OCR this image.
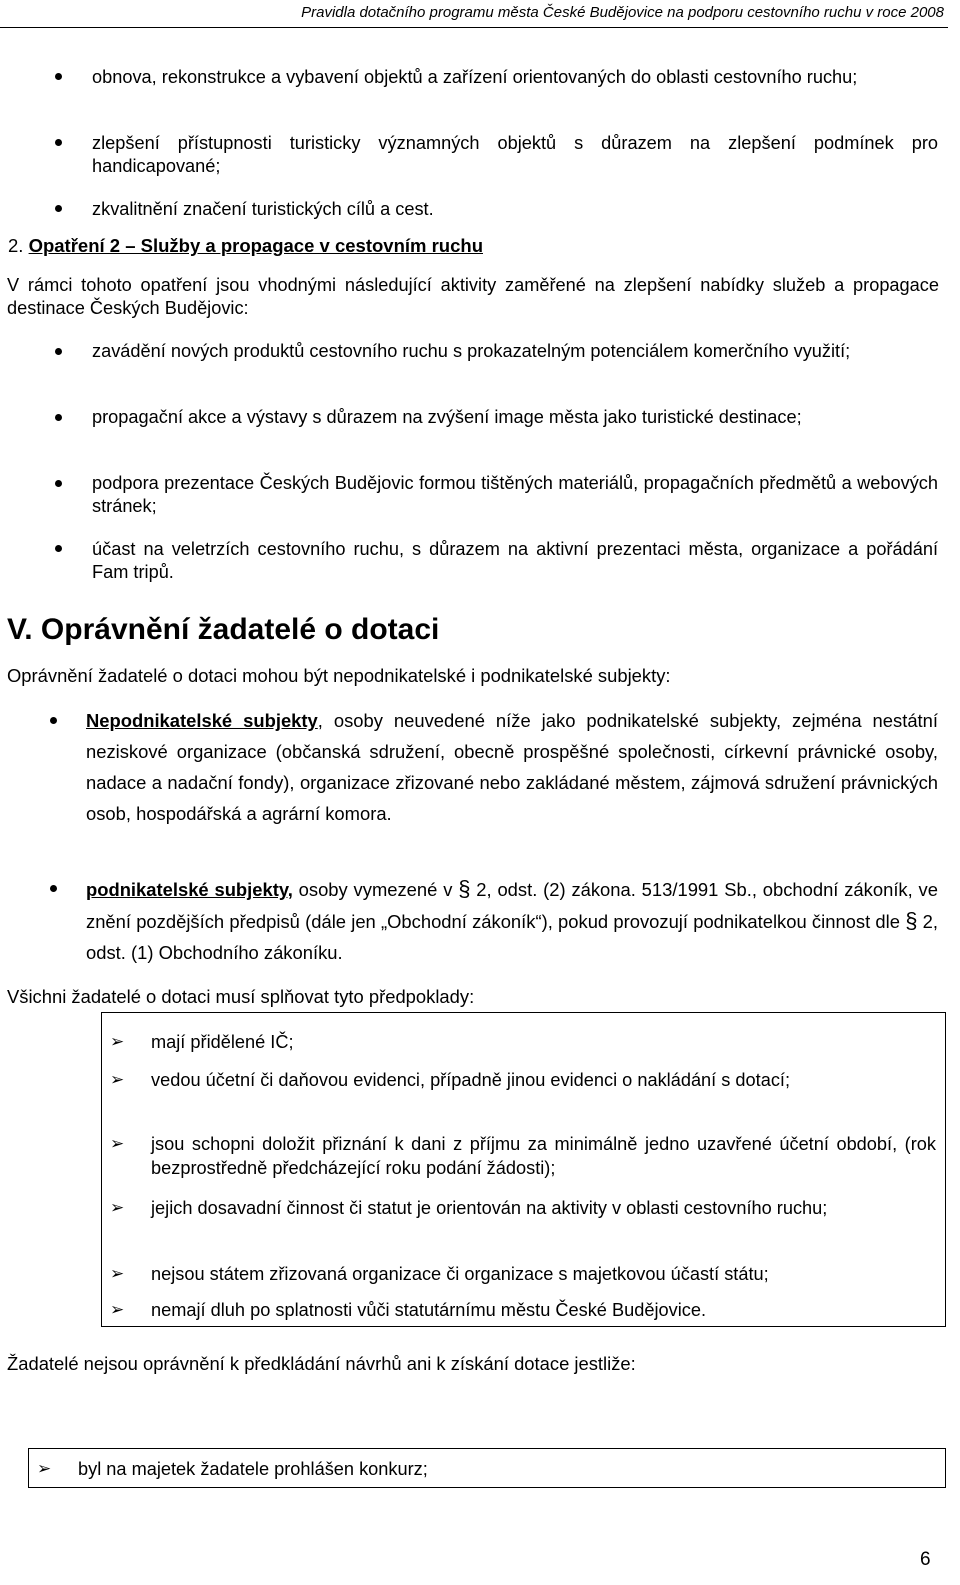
Pravidla dotačního programu města České Budějovice na podporu cestovního ruchu v roce 2008
obnova, rekonstrukce a vybavení objektů a zařízení orientovaných do oblasti cestovního ruchu;
zlepšení přístupnosti turisticky významných objektů s důrazem na zlepšení podmínek pro handicapované;
zkvalitnění značení turistických cílů a cest.
2. Opatření 2 – Služby a propagace v cestovním ruchu
V rámci tohoto opatření jsou vhodnými následující aktivity zaměřené na zlepšení nabídky služeb a propagace destinace Českých Budějovic:
zavádění nových produktů cestovního ruchu s prokazatelným potenciálem komerčního využití;
propagační akce a výstavy s důrazem na zvýšení image města jako turistické destinace;
podpora prezentace Českých Budějovic formou tištěných materiálů, propagačních předmětů a webových stránek;
účast na veletrzích cestovního ruchu, s důrazem na aktivní prezentaci města, organizace a pořádání Fam tripů.
V. Oprávnění žadatelé o dotaci
Oprávnění žadatelé o dotaci mohou být nepodnikatelské i podnikatelské subjekty:
Nepodnikatelské subjekty, osoby neuvedené níže jako podnikatelské subjekty, zejména nestátní neziskové organizace (občanská sdružení, obecně prospěšné společnosti, církevní právnické osoby, nadace a nadační fondy), organizace zřizované nebo zakládané městem, zájmová sdružení právnických osob, hospodářská a agrární komora.
podnikatelské subjekty, osoby vymezené v § 2, odst. (2) zákona. 513/1991 Sb., obchodní zákoník, ve znění pozdějších předpisů (dále jen „Obchodní zákoník“), pokud provozují podnikatelkou činnost dle § 2, odst. (1) Obchodního zákoníku.
Všichni žadatelé o dotaci musí splňovat tyto předpoklady:
➢ mají přidělené IČ;
➢ vedou účetní či daňovou evidenci, případně jinou evidenci o nakládání s dotací;
➢ jsou schopni doložit přiznání k dani z příjmu za minimálně jedno uzavřené účetní období, (rok bezprostředně předcházející roku podání žádosti);
➢ jejich dosavadní činnost či statut je orientován na aktivity v oblasti cestovního ruchu;
➢ nejsou státem zřizovaná organizace či organizace s majetkovou účastí státu;
➢ nemají dluh po splatnosti vůči statutárnímu městu České Budějovice.
Žadatelé nejsou oprávnění k předkládání návrhů ani k získání dotace jestliže:
➢ byl na majetek žadatele prohlášen konkurz;
6
